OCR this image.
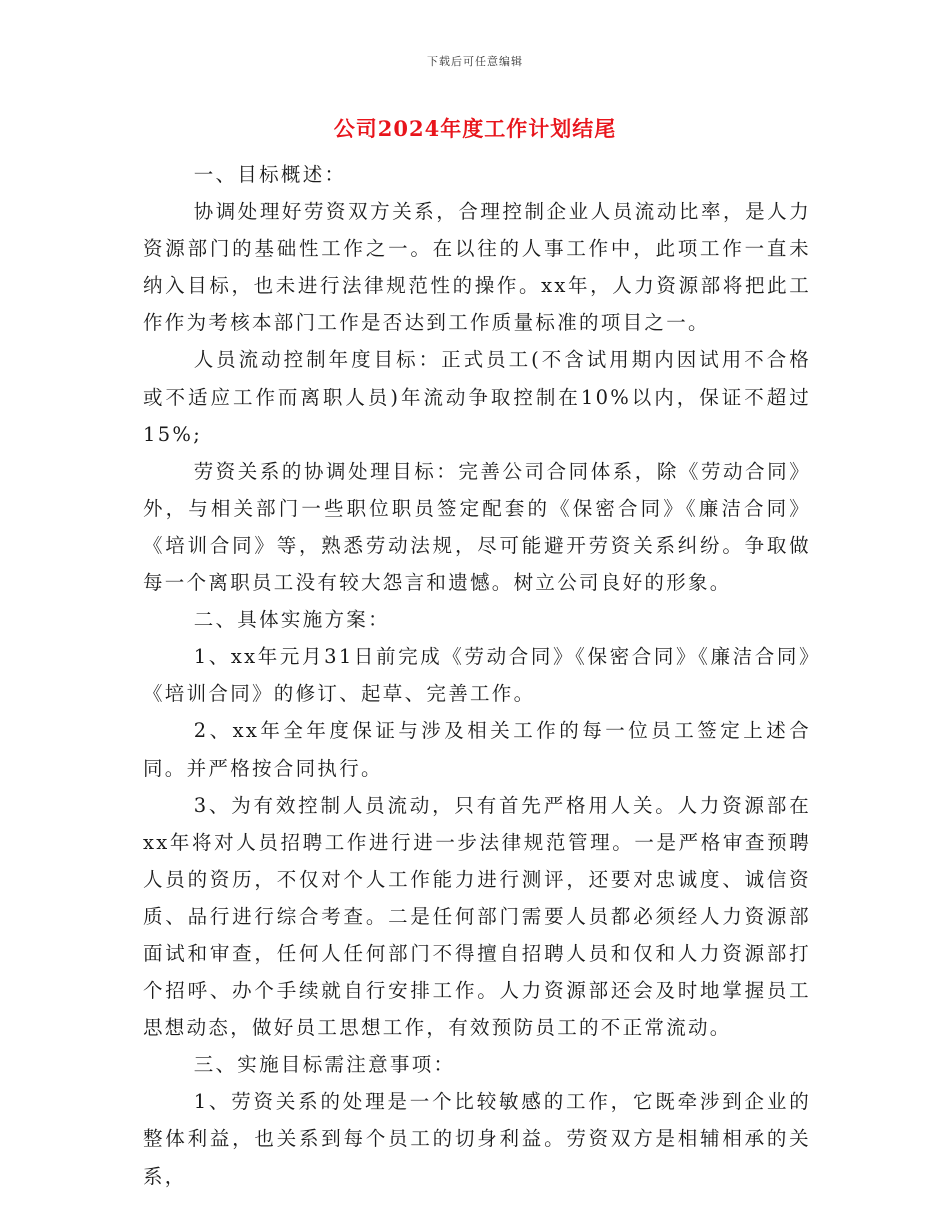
下载后可任意编辑
公司2024年度工作计划结尾

一、目标概述：

协调处理好劳资双方关系，合理控制企业人员流动比率，是人力资源部门的基础性工作之一。在以往的人事工作中，此项工作一直未纳入目标，也未进行法律规范性的操作。xx年，人力资源部将把此工作作为考核本部门工作是否达到工作质量标准的项目之一。

人员流动控制年度目标：正式员工(不含试用期内因试用不合格或不适应工作而离职人员)年流动争取控制在10%以内，保证不超过15%;

劳资关系的协调处理目标：完善公司合同体系，除《劳动合同》外，与相关部门一些职位职员签定配套的《保密合同》《廉洁合同》《培训合同》等，熟悉劳动法规，尽可能避开劳资关系纠纷。争取做每一个离职员工没有较大怨言和遗憾。树立公司良好的形象。

二、具体实施方案：

1、xx年元月31日前完成《劳动合同》《保密合同》《廉洁合同》《培训合同》的修订、起草、完善工作。

2、xx年全年度保证与涉及相关工作的每一位员工签定上述合同。并严格按合同执行。

3、为有效控制人员流动，只有首先严格用人关。人力资源部在xx年将对人员招聘工作进行进一步法律规范管理。一是严格审查预聘人员的资历，不仅对个人工作能力进行测评，还要对忠诚度、诚信资质、品行进行综合考查。二是任何部门需要人员都必须经人力资源部面试和审查，任何人任何部门不得擅自招聘人员和仅和人力资源部打个招呼、办个手续就自行安排工作。人力资源部还会及时地掌握员工思想动态，做好员工思想工作，有效预防员工的不正常流动。

三、实施目标需注意事项：

1、劳资关系的处理是一个比较敏感的工作，它既牵涉到企业的整体利益，也关系到每个员工的切身利益。劳资双方是相辅相承的关系，
